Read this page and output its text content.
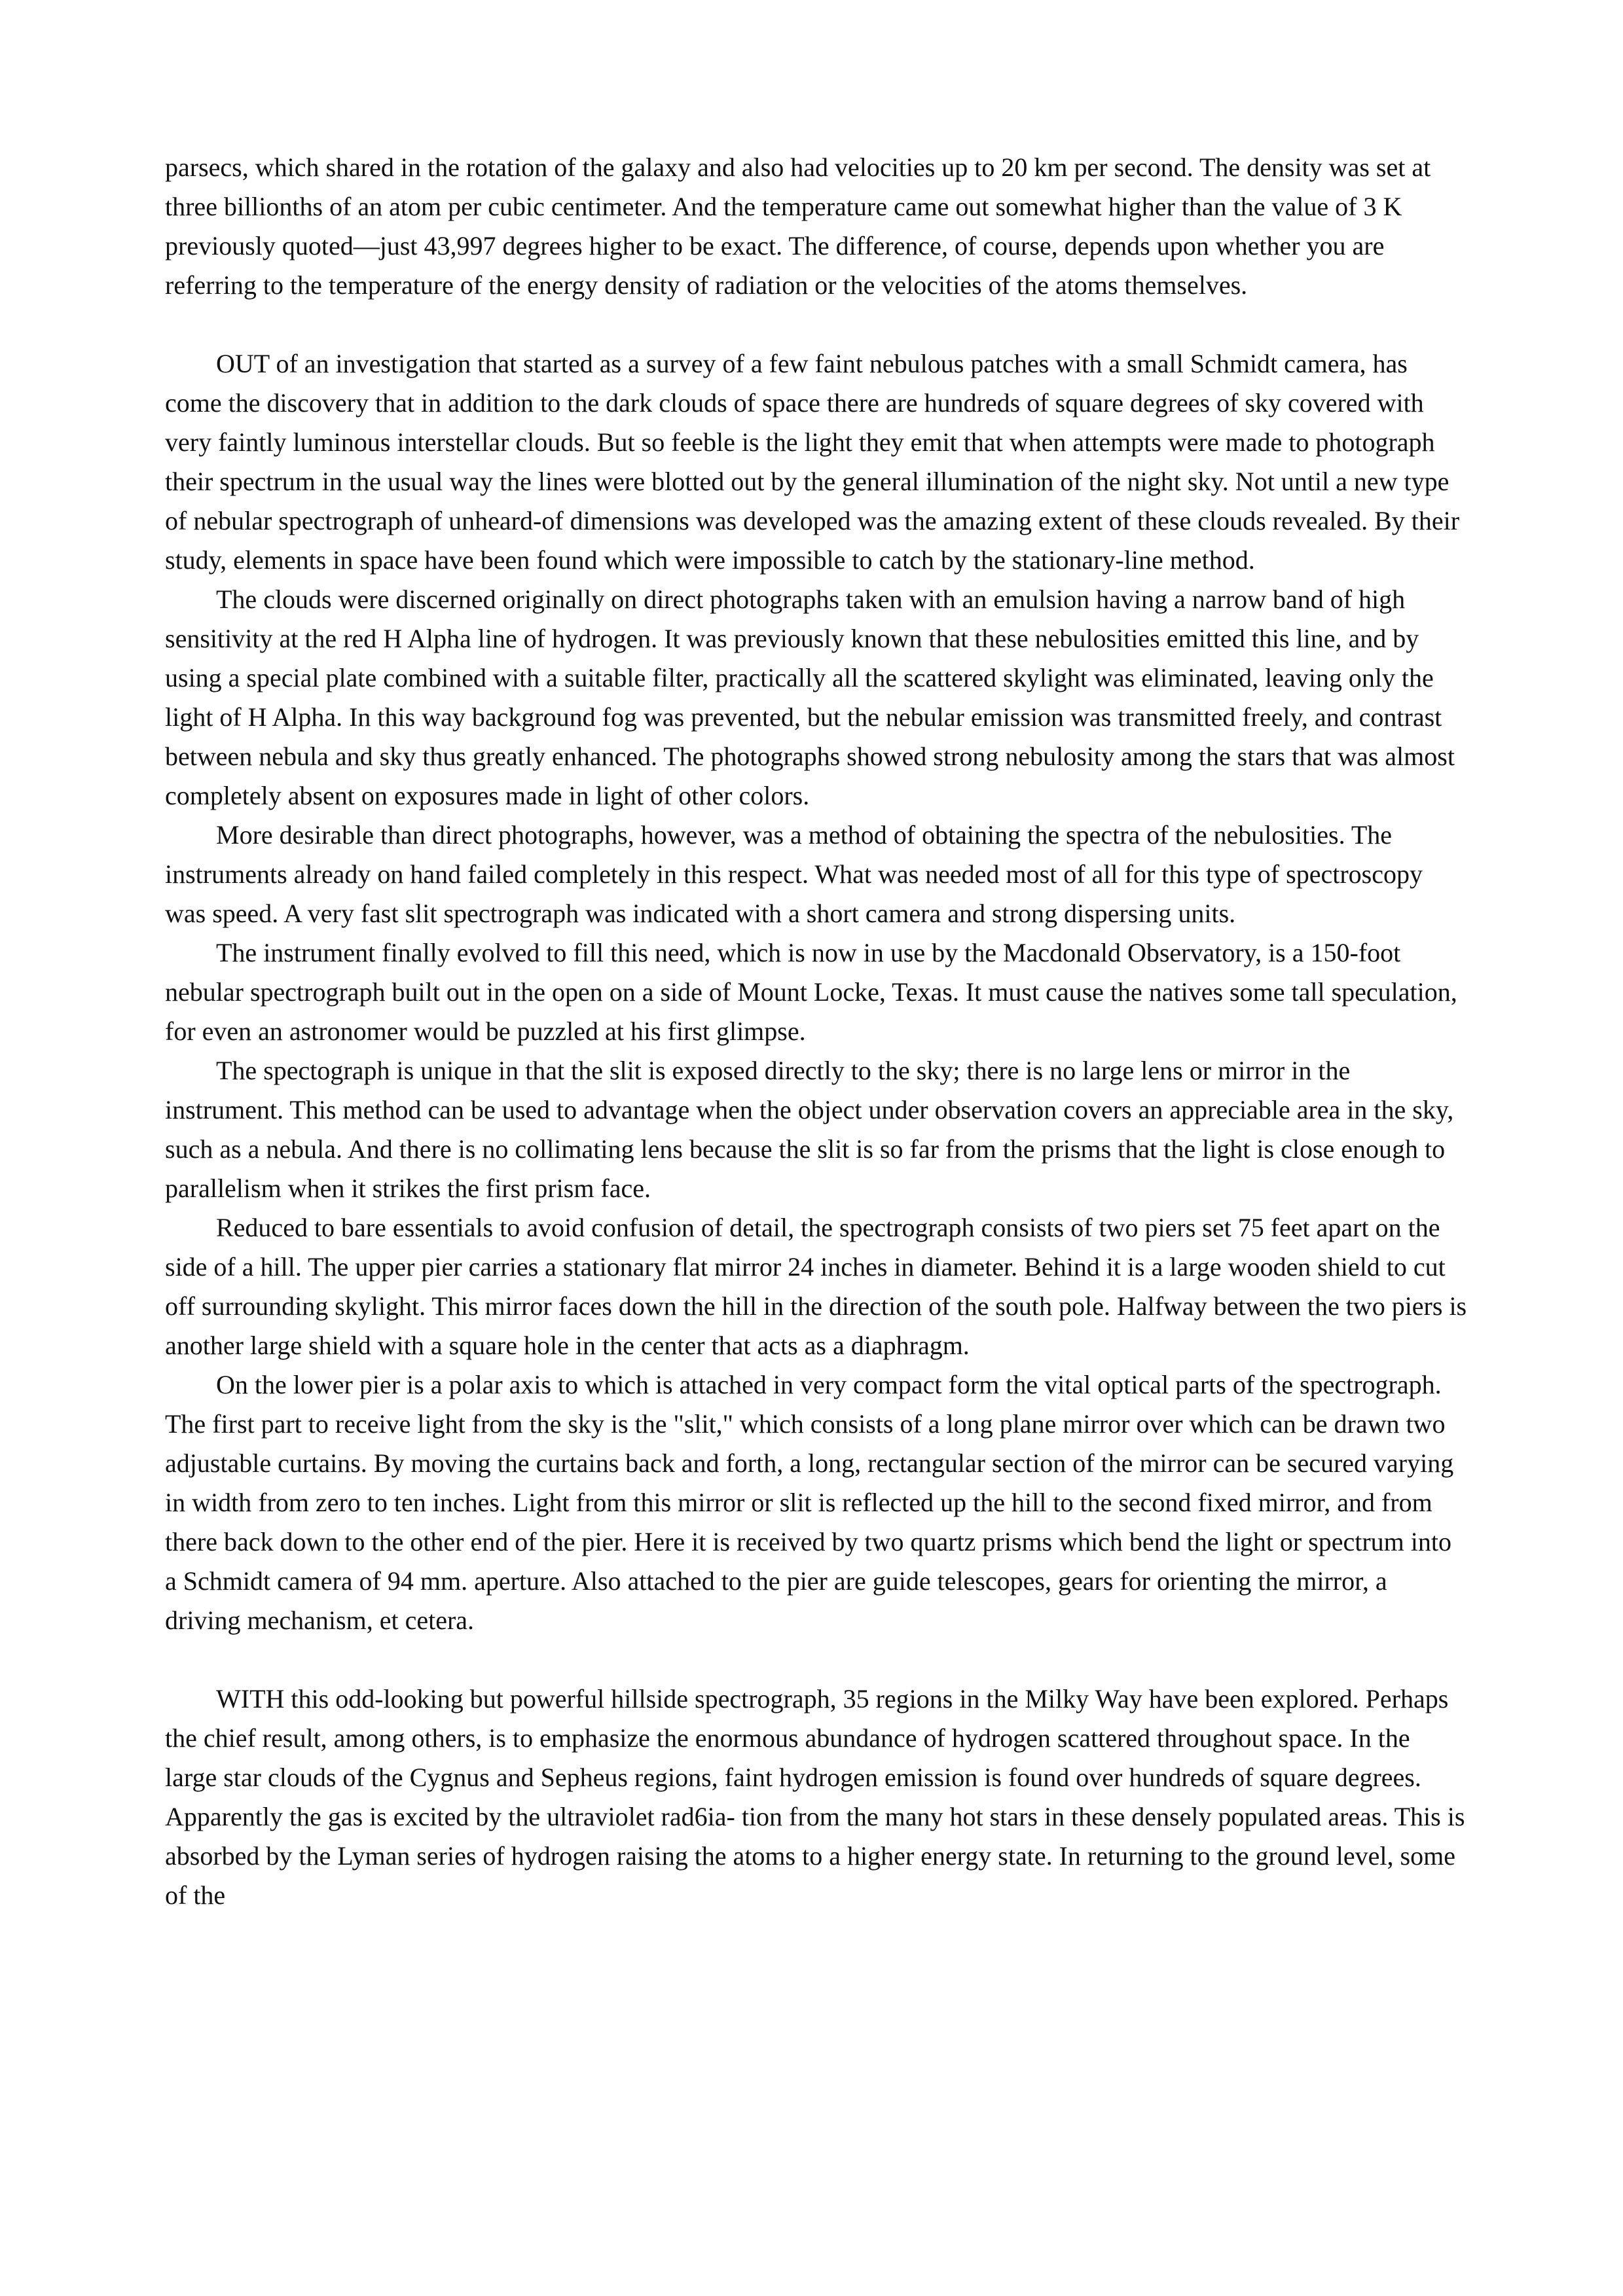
parsecs, which shared in the rotation of the galaxy and also had velocities up to 20 km per second. The density was set at three billionths of an atom per cubic centimeter. And the temperature came out somewhat higher than the value of 3 K previously quoted—just 43,997 degrees higher to be exact. The difference, of course, depends upon whether you are referring to the temperature of the energy density of radiation or the velocities of the atoms themselves.

OUT of an investigation that started as a survey of a few faint nebulous patches with a small Schmidt camera, has come the discovery that in addition to the dark clouds of space there are hundreds of square degrees of sky covered with very faintly luminous interstellar clouds. But so feeble is the light they emit that when attempts were made to photograph their spectrum in the usual way the lines were blotted out by the general illumination of the night sky. Not until a new type of nebular spectrograph of unheard-of dimensions was developed was the amazing extent of these clouds revealed. By their study, elements in space have been found which were impossible to catch by the stationary-line method.

The clouds were discerned originally on direct photographs taken with an emulsion having a narrow band of high sensitivity at the red H Alpha line of hydrogen. It was previously known that these nebulosities emitted this line, and by using a special plate combined with a suitable filter, practically all the scattered skylight was eliminated, leaving only the light of H Alpha. In this way background fog was prevented, but the nebular emission was transmitted freely, and contrast between nebula and sky thus greatly enhanced. The photographs showed strong nebulosity among the stars that was almost completely absent on exposures made in light of other colors.

More desirable than direct photographs, however, was a method of obtaining the spectra of the nebulosities. The instruments already on hand failed completely in this respect. What was needed most of all for this type of spectroscopy was speed. A very fast slit spectrograph was indicated with a short camera and strong dispersing units.

The instrument finally evolved to fill this need, which is now in use by the Macdonald Observatory, is a 150-foot nebular spectrograph built out in the open on a side of Mount Locke, Texas. It must cause the natives some tall speculation, for even an astronomer would be puzzled at his first glimpse.

The spectograph is unique in that the slit is exposed directly to the sky; there is no large lens or mirror in the instrument. This method can be used to advantage when the object under observation covers an appreciable area in the sky, such as a nebula. And there is no collimating lens because the slit is so far from the prisms that the light is close enough to parallelism when it strikes the first prism face.

Reduced to bare essentials to avoid confusion of detail, the spectrograph consists of two piers set 75 feet apart on the side of a hill. The upper pier carries a stationary flat mirror 24 inches in diameter. Behind it is a large wooden shield to cut off surrounding skylight. This mirror faces down the hill in the direction of the south pole. Halfway between the two piers is another large shield with a square hole in the center that acts as a diaphragm.

On the lower pier is a polar axis to which is attached in very compact form the vital optical parts of the spectrograph. The first part to receive light from the sky is the "slit," which consists of a long plane mirror over which can be drawn two adjustable curtains. By moving the curtains back and forth, a long, rectangular section of the mirror can be secured varying in width from zero to ten inches. Light from this mirror or slit is reflected up the hill to the second fixed mirror, and from there back down to the other end of the pier. Here it is received by two quartz prisms which bend the light or spectrum into a Schmidt camera of 94 mm. aperture. Also attached to the pier are guide telescopes, gears for orienting the mirror, a driving mechanism, et cetera.

WITH this odd-looking but powerful hillside spectrograph, 35 regions in the Milky Way have been explored. Perhaps the chief result, among others, is to emphasize the enormous abundance of hydrogen scattered throughout space. In the large star clouds of the Cygnus and Sepheus regions, faint hydrogen emission is found over hundreds of square degrees. Apparently the gas is excited by the ultraviolet rad6ia- tion from the many hot stars in these densely populated areas. This is absorbed by the Lyman series of hydrogen raising the atoms to a higher energy state. In returning to the ground level, some of the
